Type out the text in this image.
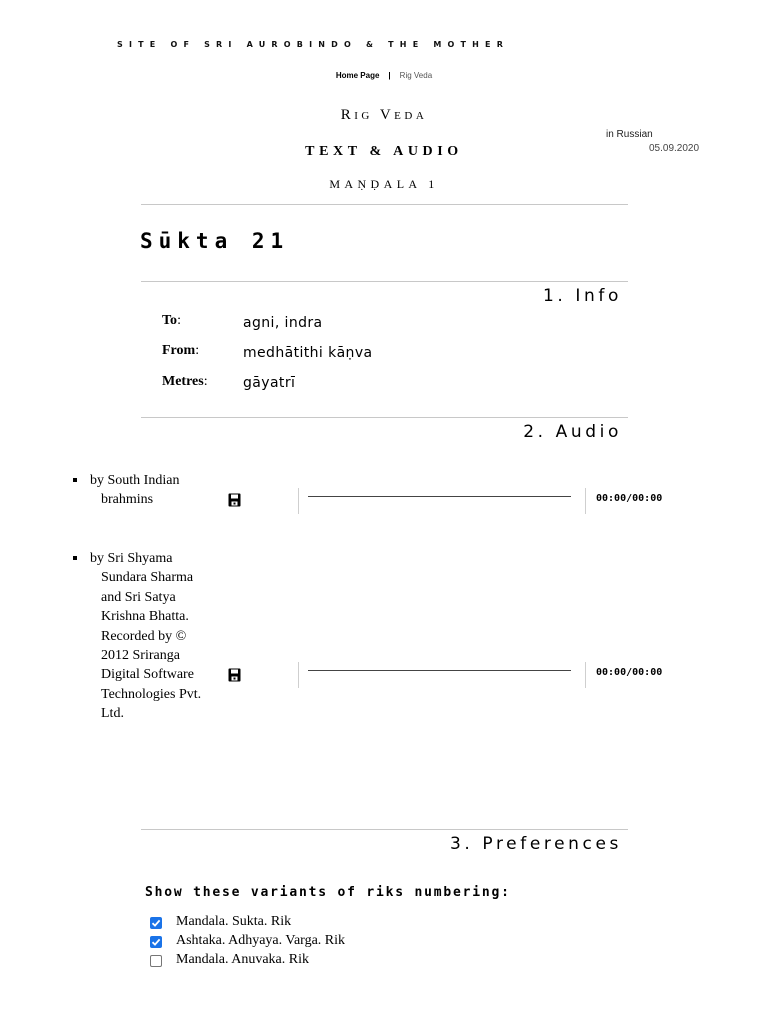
SITE OF SRI AUROBINDO & THE MOTHER
Home Page | Rig Veda
Rig Veda
TEXT & AUDIO
MAṆḌALA 1
in Russian
05.09.2020
Sūkta 21
1. Info
To:	agni, indra
From:	medhātithi kāṇva
Metres:	gāyatrī
2. Audio
by South Indian brahmins	00:00/00:00
by Sri Shyama Sundara Sharma and Sri Satya Krishna Bhatta. Recorded by © 2012 Sriranga Digital Software Technologies Pvt. Ltd.
00:00/00:00
3. Preferences
Show these variants of riks numbering:
Mandala. Sukta. Rik
Ashtaka. Adhyaya. Varga. Rik
Mandala. Anuvaka. Rik
